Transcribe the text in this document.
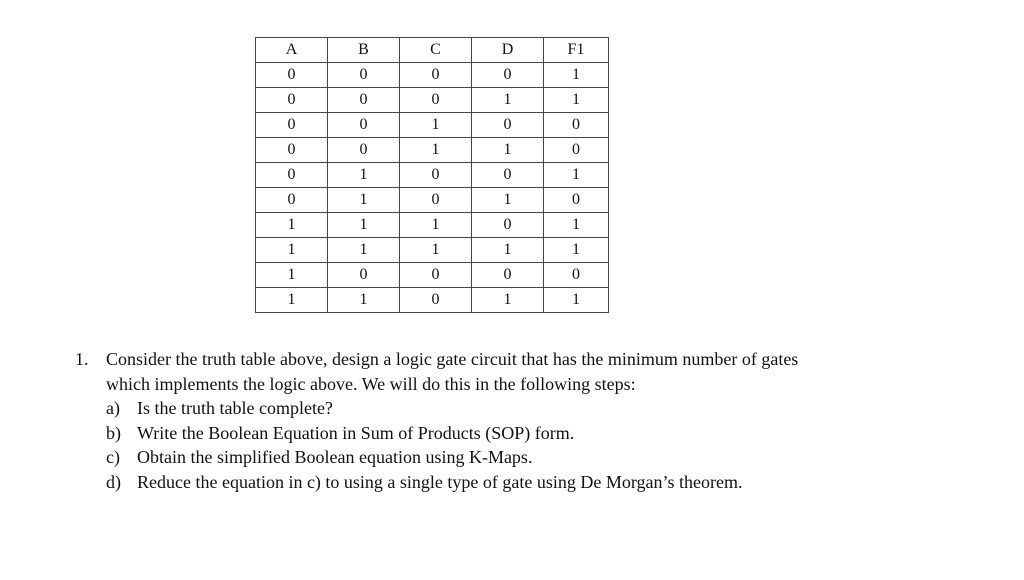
A	B	C	D	F1
0	0	0	0	1
0	0	0	1	1
0	0	1	0	0
0	0	1	1	0
0	1	0	0	1
0	1	0	1	0
1	1	1	0	1
1	1	1	1	1
1	0	0	0	0
1	1	0	1	1
1. Consider the truth table above, design a logic gate circuit that has the minimum number of gates which implements the logic above. We will do this in the following steps:
a) Is the truth table complete?
b) Write the Boolean Equation in Sum of Products (SOP) form.
c) Obtain the simplified Boolean equation using K-Maps.
d) Reduce the equation in c) to using a single type of gate using De Morgan’s theorem.
